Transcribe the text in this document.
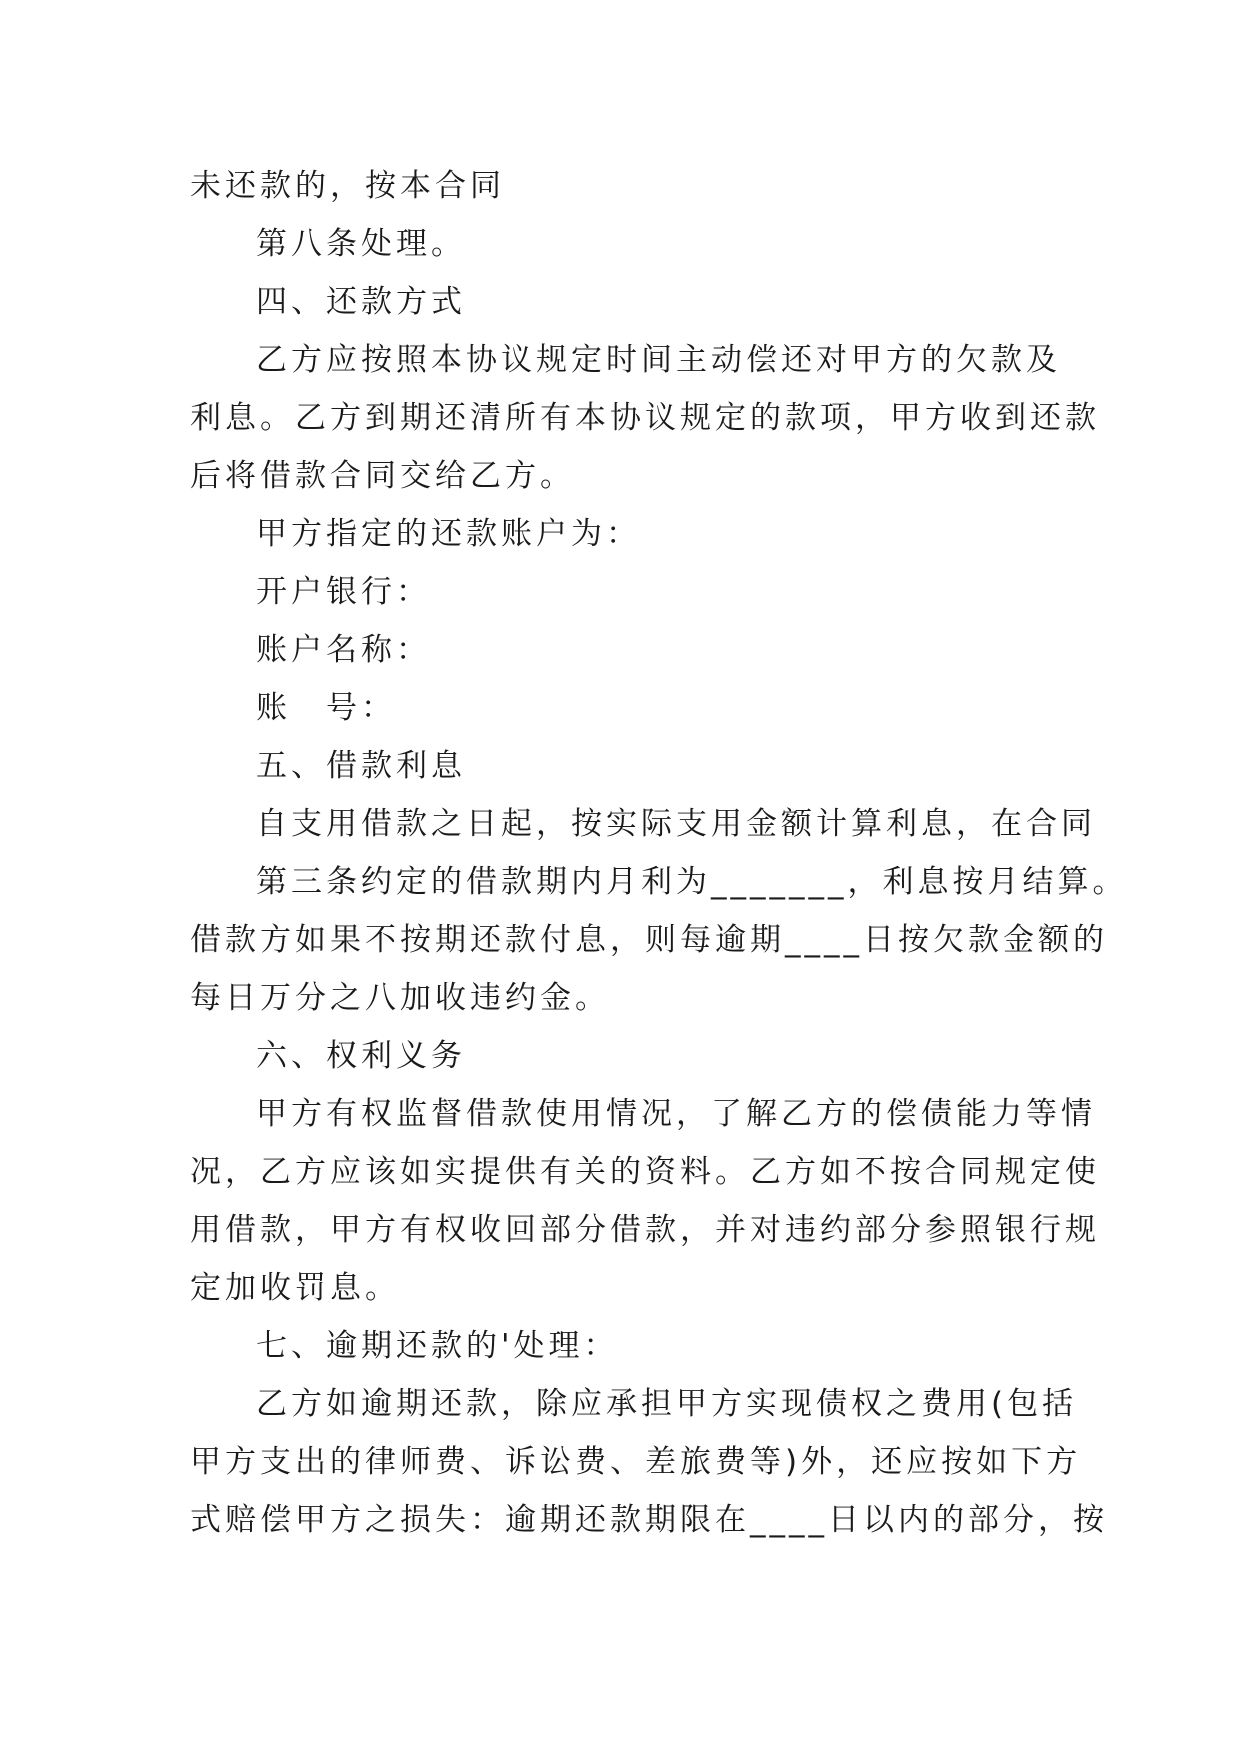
未还款的，按本合同
第八条处理。
四、还款方式
乙方应按照本协议规定时间主动偿还对甲方的欠款及
利息。乙方到期还清所有本协议规定的款项，甲方收到还款
后将借款合同交给乙方。
甲方指定的还款账户为：
开户银行：
账户名称：
账　号：
五、借款利息
自支用借款之日起，按实际支用金额计算利息，在合同
第三条约定的借款期内月利为_______，利息按月结算。
借款方如果不按期还款付息，则每逾期____日按欠款金额的
每日万分之八加收违约金。
六、权利义务
甲方有权监督借款使用情况，了解乙方的偿债能力等情
况，乙方应该如实提供有关的资料。乙方如不按合同规定使
用借款，甲方有权收回部分借款，并对违约部分参照银行规
定加收罚息。
七、逾期还款的'处理：
乙方如逾期还款，除应承担甲方实现债权之费用(包括
甲方支出的律师费、诉讼费、差旅费等)外，还应按如下方
式赔偿甲方之损失：逾期还款期限在____日以内的部分，按
